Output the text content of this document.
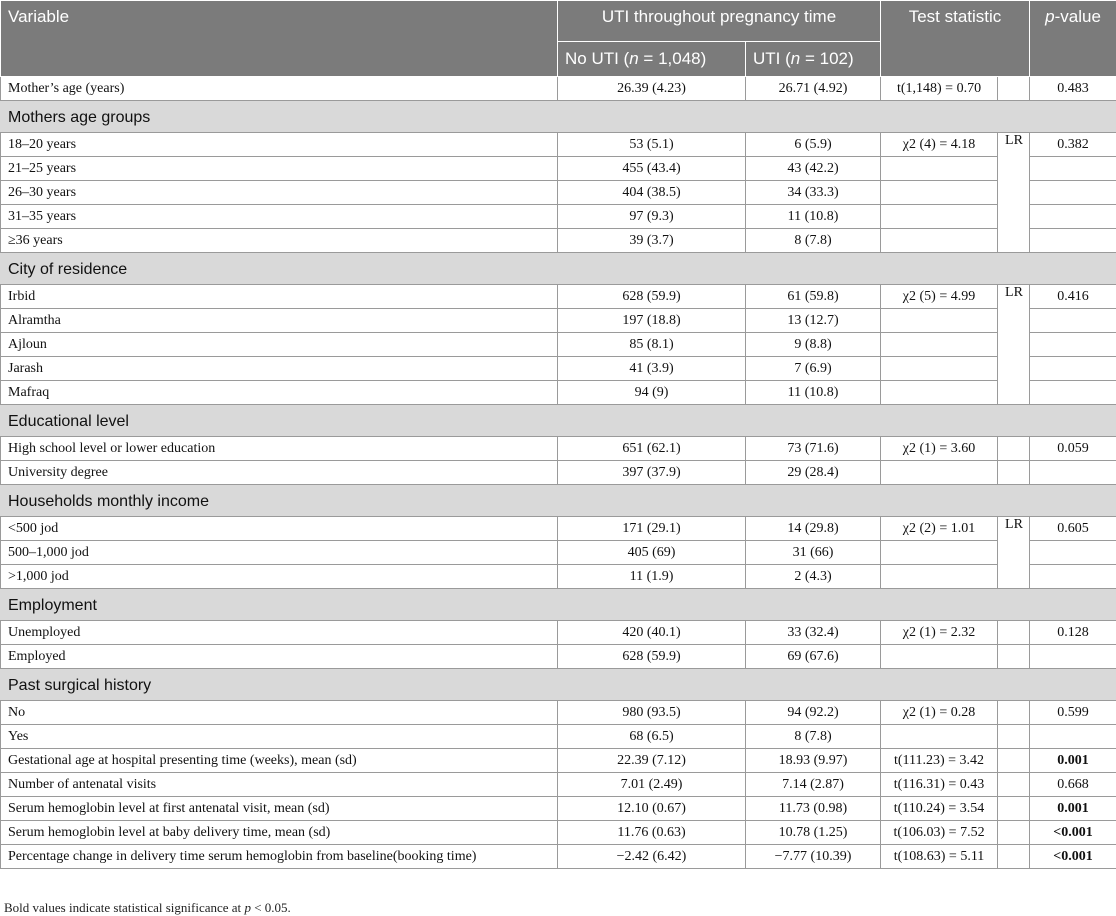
Variable	UTI throughout pregnancy time		Test statistic		p-value
	No UTI (n = 1,048)	UTI (n = 102)			
Mother’s age (years)	26.39 (4.23)	26.71 (4.92)	t(1,148) = 0.70		0.483
Mothers age groups					
18–20 years	53 (5.1)	6 (5.9)	χ2 (4) = 4.18	LR	0.382
21–25 years	455 (43.4)	43 (42.2)			
26–30 years	404 (38.5)	34 (33.3)			
31–35 years	97 (9.3)	11 (10.8)			
≥36 years	39 (3.7)	8 (7.8)			
City of residence					
Irbid	628 (59.9)	61 (59.8)	χ2 (5) = 4.99	LR	0.416
Alramtha	197 (18.8)	13 (12.7)			
Ajloun	85 (8.1)	9 (8.8)			
Jarash	41 (3.9)	7 (6.9)			
Mafraq	94 (9)	11 (10.8)			
Educational level					
High school level or lower education	651 (62.1)	73 (71.6)	χ2 (1) = 3.60		0.059
University degree	397 (37.9)	29 (28.4)			
Households monthly income					
<500 jod	171 (29.1)	14 (29.8)	χ2 (2) = 1.01	LR	0.605
500–1,000 jod	405 (69)	31 (66)			
>1,000 jod	11 (1.9)	2 (4.3)			
Employment					
Unemployed	420 (40.1)	33 (32.4)	χ2 (1) = 2.32		0.128
Employed	628 (59.9)	69 (67.6)			
Past surgical history					
No	980 (93.5)	94 (92.2)	χ2 (1) = 0.28		0.599
Yes	68 (6.5)	8 (7.8)			
Gestational age at hospital presenting time (weeks), mean (sd)	22.39 (7.12)	18.93 (9.97)	t(111.23) = 3.42		0.001
Number of antenatal visits	7.01 (2.49)	7.14 (2.87)	t(116.31) = 0.43		0.668
Serum hemoglobin level at first antenatal visit, mean (sd)	12.10 (0.67)	11.73 (0.98)	t(110.24) = 3.54		0.001
Serum hemoglobin level at baby delivery time, mean (sd)	11.76 (0.63)	10.78 (1.25)	t(106.03) = 7.52		<0.001
Percentage change in delivery time serum hemoglobin from baseline(booking time)	−2.42 (6.42)	−7.77 (10.39)	t(108.63) = 5.11		<0.001
Bold values indicate statistical significance at p < 0.05.
